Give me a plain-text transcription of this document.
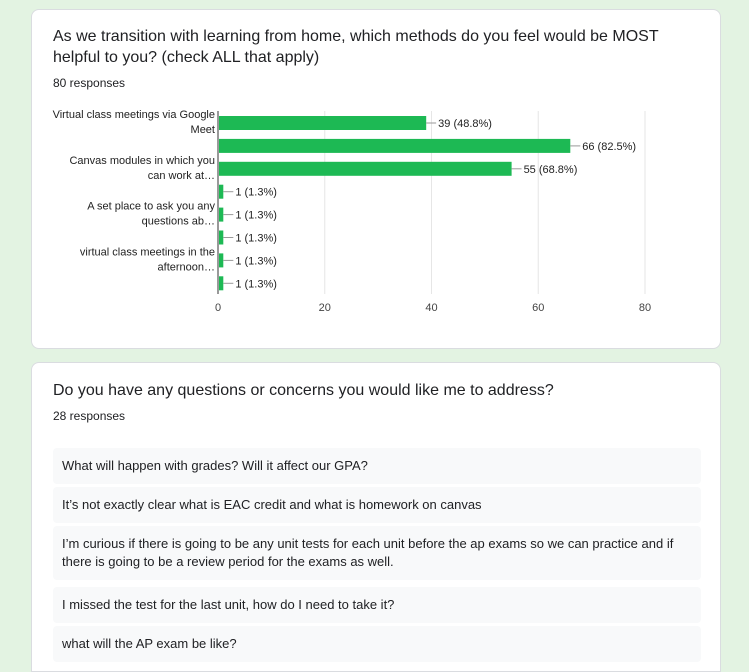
As we transition with learning from home, which methods do you feel would be MOST helpful to you? (check ALL that apply)
80 responses
0	20	40	60	80
39 (48.8%)
Virtual class meetings via Google
Meet
66 (82.5%)
55 (68.8%)
Canvas modules in which you
can work at…
1 (1.3%)
1 (1.3%)
A set place to ask you any
questions ab…
1 (1.3%)
1 (1.3%)
virtual class meetings in the
afternoon…
1 (1.3%)
Do you have any questions or concerns you would like me to address?
28 responses
What will happen with grades? Will it affect our GPA?
It’s not exactly clear what is EAC credit and what is homework on canvas
I’m curious if there is going to be any unit tests for each unit before the ap exams so we can practice and if there is going to be a review period for the exams as well.
I missed the test for the last unit, how do I need to take it?
what will the AP exam be like?
